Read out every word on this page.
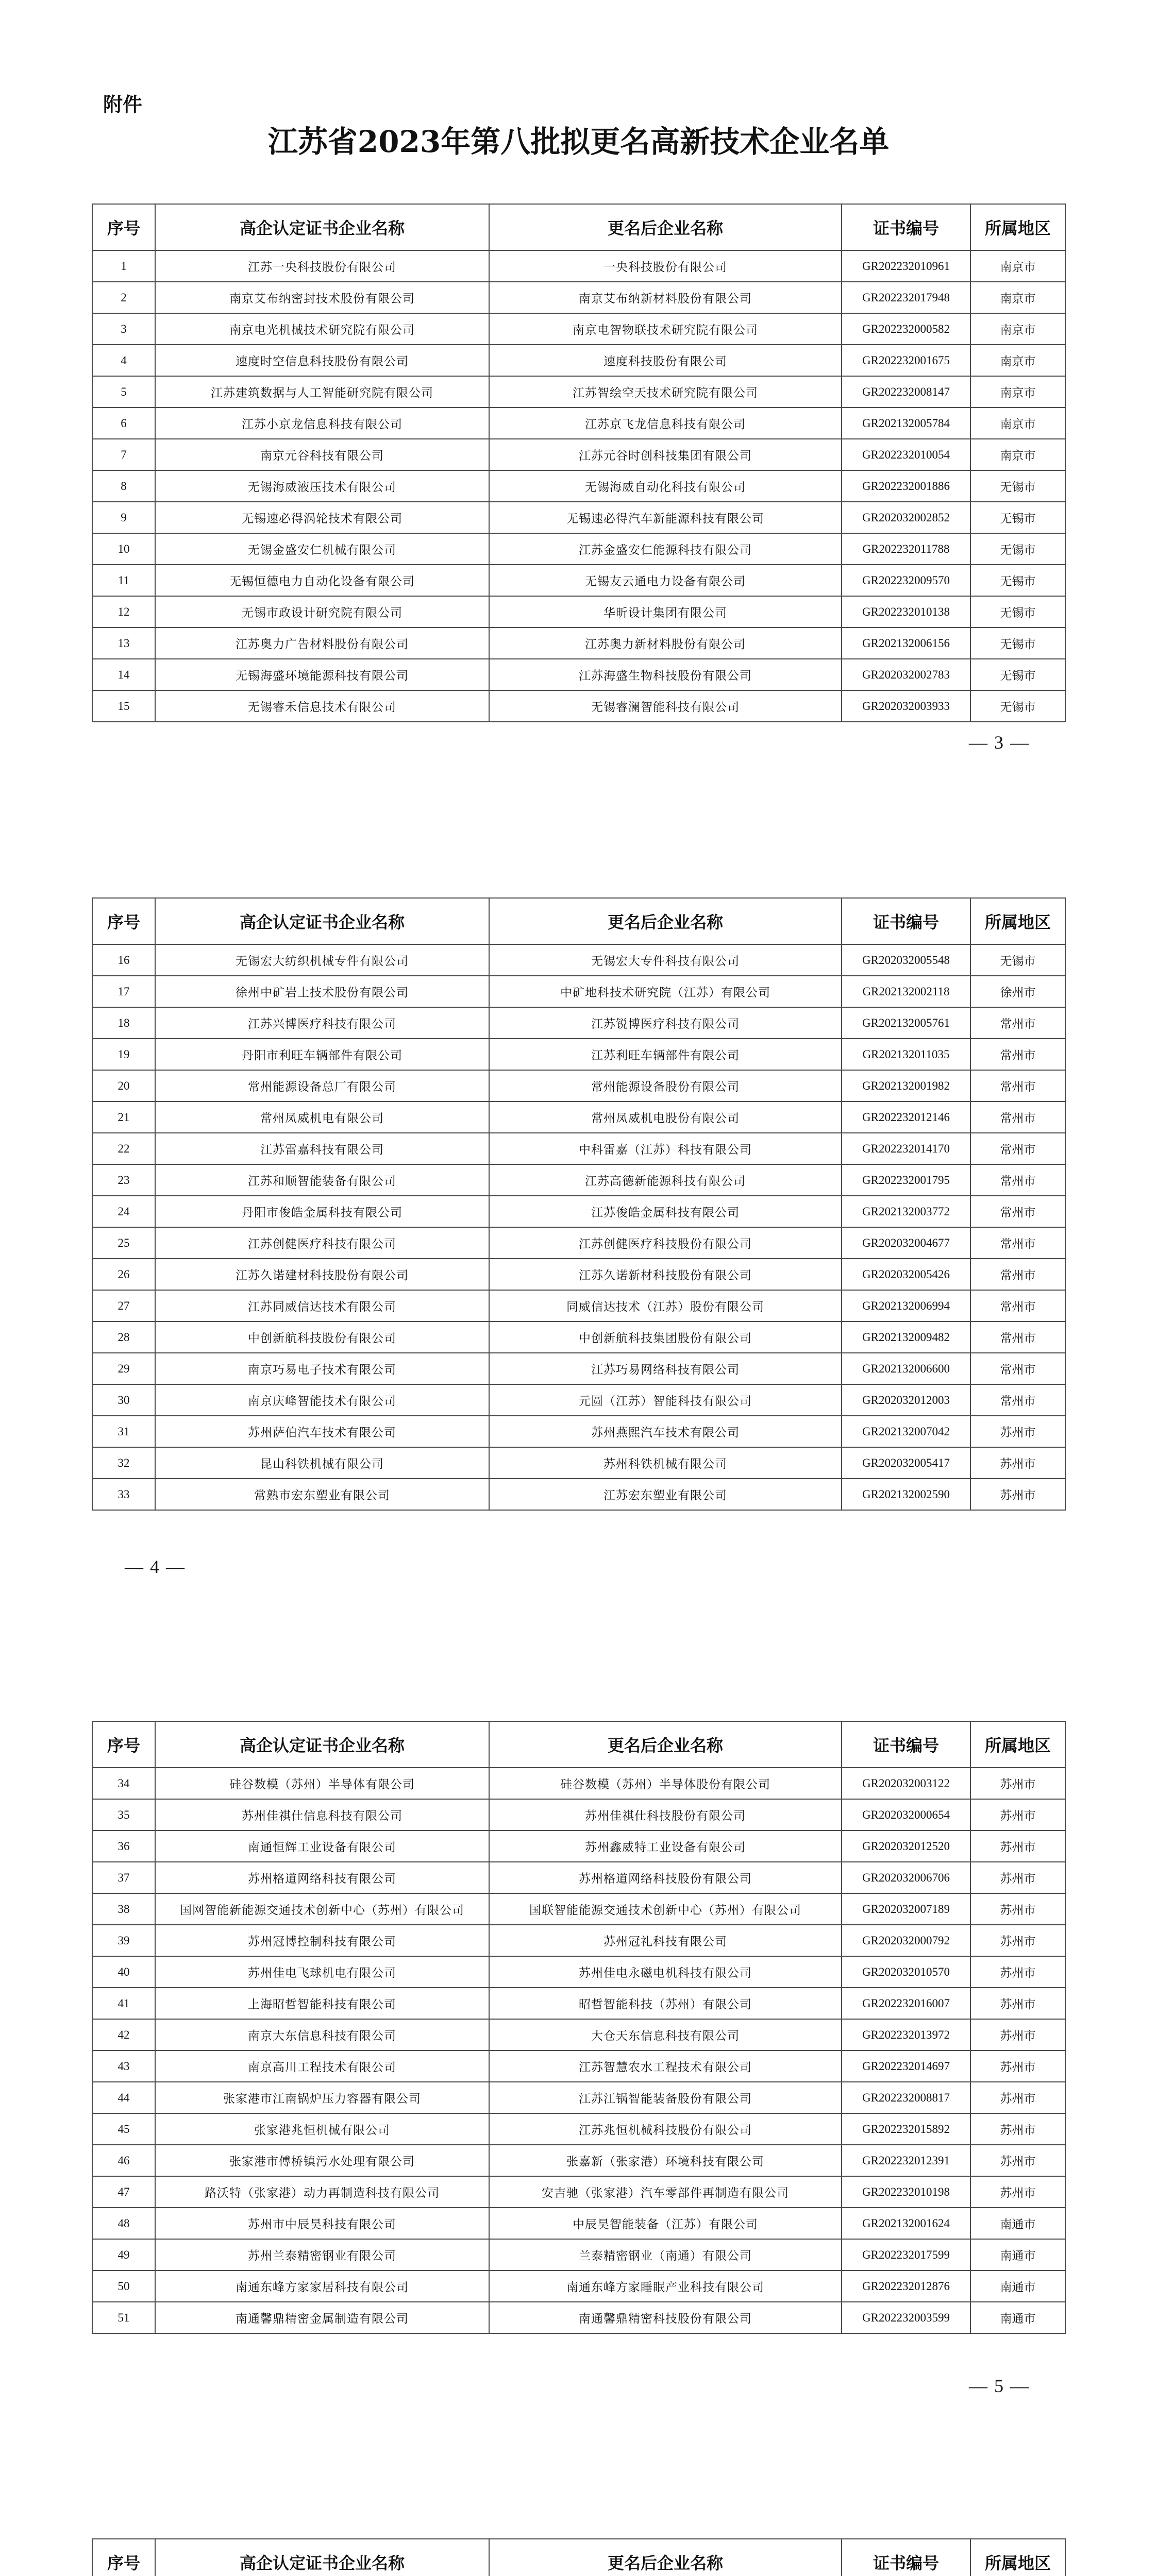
附件
江苏省2023年第八批拟更名高新技术企业名单
序号	高企认定证书企业名称	更名后企业名称	证书编号	所属地区
1	江苏一央科技股份有限公司	一央科技股份有限公司	GR202232010961	南京市
2	南京艾布纳密封技术股份有限公司	南京艾布纳新材料股份有限公司	GR202232017948	南京市
3	南京电光机械技术研究院有限公司	南京电智物联技术研究院有限公司	GR202232000582	南京市
4	速度时空信息科技股份有限公司	速度科技股份有限公司	GR202232001675	南京市
5	江苏建筑数据与人工智能研究院有限公司	江苏智绘空天技术研究院有限公司	GR202232008147	南京市
6	江苏小京龙信息科技有限公司	江苏京飞龙信息科技有限公司	GR202132005784	南京市
7	南京元谷科技有限公司	江苏元谷时创科技集团有限公司	GR202232010054	南京市
8	无锡海威液压技术有限公司	无锡海威自动化科技有限公司	GR202232001886	无锡市
9	无锡速必得涡轮技术有限公司	无锡速必得汽车新能源科技有限公司	GR202032002852	无锡市
10	无锡金盛安仁机械有限公司	江苏金盛安仁能源科技有限公司	GR202232011788	无锡市
11	无锡恒德电力自动化设备有限公司	无锡友云通电力设备有限公司	GR202232009570	无锡市
12	无锡市政设计研究院有限公司	华昕设计集团有限公司	GR202232010138	无锡市
13	江苏奥力广告材料股份有限公司	江苏奥力新材料股份有限公司	GR202132006156	无锡市
14	无锡海盛环境能源科技有限公司	江苏海盛生物科技股份有限公司	GR202032002783	无锡市
15	无锡睿禾信息技术有限公司	无锡睿澜智能科技有限公司	GR202032003933	无锡市
— 3 —
序号	高企认定证书企业名称	更名后企业名称	证书编号	所属地区
16	无锡宏大纺织机械专件有限公司	无锡宏大专件科技有限公司	GR202032005548	无锡市
17	徐州中矿岩土技术股份有限公司	中矿地科技术研究院（江苏）有限公司	GR202132002118	徐州市
18	江苏兴博医疗科技有限公司	江苏锐博医疗科技有限公司	GR202132005761	常州市
19	丹阳市利旺车辆部件有限公司	江苏利旺车辆部件有限公司	GR202132011035	常州市
20	常州能源设备总厂有限公司	常州能源设备股份有限公司	GR202132001982	常州市
21	常州凤威机电有限公司	常州凤威机电股份有限公司	GR202232012146	常州市
22	江苏雷嘉科技有限公司	中科雷嘉（江苏）科技有限公司	GR202232014170	常州市
23	江苏和顺智能装备有限公司	江苏高德新能源科技有限公司	GR202232001795	常州市
24	丹阳市俊皓金属科技有限公司	江苏俊皓金属科技有限公司	GR202132003772	常州市
25	江苏创健医疗科技有限公司	江苏创健医疗科技股份有限公司	GR202032004677	常州市
26	江苏久诺建材科技股份有限公司	江苏久诺新材科技股份有限公司	GR202032005426	常州市
27	江苏同威信达技术有限公司	同威信达技术（江苏）股份有限公司	GR202132006994	常州市
28	中创新航科技股份有限公司	中创新航科技集团股份有限公司	GR202132009482	常州市
29	南京巧易电子技术有限公司	江苏巧易网络科技有限公司	GR202132006600	常州市
30	南京庆峰智能技术有限公司	元圆（江苏）智能科技有限公司	GR202032012003	常州市
31	苏州萨伯汽车技术有限公司	苏州燕熙汽车技术有限公司	GR202132007042	苏州市
32	昆山科铁机械有限公司	苏州科铁机械有限公司	GR202032005417	苏州市
33	常熟市宏东塑业有限公司	江苏宏东塑业有限公司	GR202132002590	苏州市
— 4 —
序号	高企认定证书企业名称	更名后企业名称	证书编号	所属地区
34	硅谷数模（苏州）半导体有限公司	硅谷数模（苏州）半导体股份有限公司	GR202032003122	苏州市
35	苏州佳祺仕信息科技有限公司	苏州佳祺仕科技股份有限公司	GR202032000654	苏州市
36	南通恒辉工业设备有限公司	苏州鑫威特工业设备有限公司	GR202032012520	苏州市
37	苏州格道网络科技有限公司	苏州格道网络科技股份有限公司	GR202032006706	苏州市
38	国网智能新能源交通技术创新中心（苏州）有限公司	国联智能能源交通技术创新中心（苏州）有限公司	GR202032007189	苏州市
39	苏州冠博控制科技有限公司	苏州冠礼科技有限公司	GR202032000792	苏州市
40	苏州佳电飞球机电有限公司	苏州佳电永磁电机科技有限公司	GR202032010570	苏州市
41	上海昭哲智能科技有限公司	昭哲智能科技（苏州）有限公司	GR202232016007	苏州市
42	南京大东信息科技有限公司	大仓天东信息科技有限公司	GR202232013972	苏州市
43	南京高川工程技术有限公司	江苏智慧农水工程技术有限公司	GR202232014697	苏州市
44	张家港市江南锅炉压力容器有限公司	江苏江锅智能装备股份有限公司	GR202232008817	苏州市
45	张家港兆恒机械有限公司	江苏兆恒机械科技股份有限公司	GR202232015892	苏州市
46	张家港市傅桥镇污水处理有限公司	张嘉新（张家港）环境科技有限公司	GR202232012391	苏州市
47	路沃特（张家港）动力再制造科技有限公司	安吉驰（张家港）汽车零部件再制造有限公司	GR202232010198	苏州市
48	苏州市中辰昊科技有限公司	中辰昊智能装备（江苏）有限公司	GR202132001624	南通市
49	苏州兰泰精密钢业有限公司	兰泰精密钢业（南通）有限公司	GR202232017599	南通市
50	南通东峰方家家居科技有限公司	南通东峰方家睡眠产业科技有限公司	GR202232012876	南通市
51	南通馨鼎精密金属制造有限公司	南通馨鼎精密科技股份有限公司	GR202232003599	南通市
— 5 —
序号	高企认定证书企业名称	更名后企业名称	证书编号	所属地区
